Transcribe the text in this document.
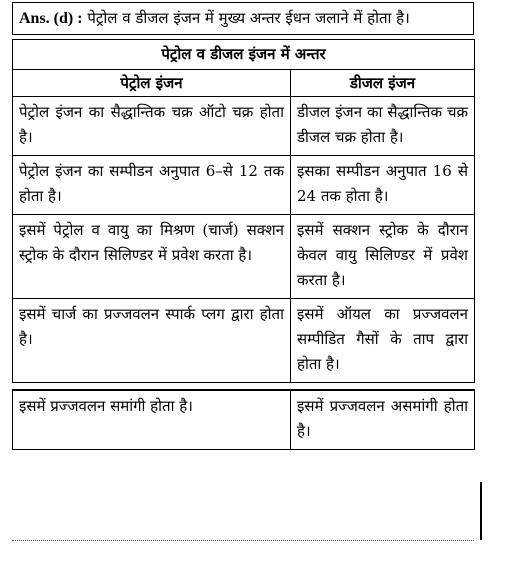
Ans. (d) : पेट्रोल व डीजल इंजन में मुख्य अन्तर ईधन जलाने में होता है।
पेट्रोल व डीजल इंजन में अन्तर	
पेट्रोल इंजन	डीजल इंजन
पेट्रोल इंजन का सैद्धान्तिक चक्र ऑटो चक्र होता है।	डीजल इंजन का सैद्धान्तिक चक्र डीजल चक्र होता है।
पेट्रोल इंजन का सम्पीडन अनुपात 6–से 12 तक होता है।	इसका सम्पीडन अनुपात 16 से 24 तक होता है।
इसमें पेट्रोल व वायु का मिश्रण (चार्ज) सक्शन स्ट्रोक के दौरान सिलिण्डर में प्रवेश करता है।	इसमें सक्शन स्ट्रोक के दौरान केवल वायु सिलिण्डर में प्रवेश करता है।
इसमें चार्ज का प्रज्जवलन स्पार्क प्लग द्वारा होता है।	इसमें ऑयल का प्रज्जवलन सम्पीडित गैसों के ताप द्वारा होता है।

इसमें प्रज्जवलन समांगी होता है।	इसमें प्रज्जवलन असमांगी होता है।
